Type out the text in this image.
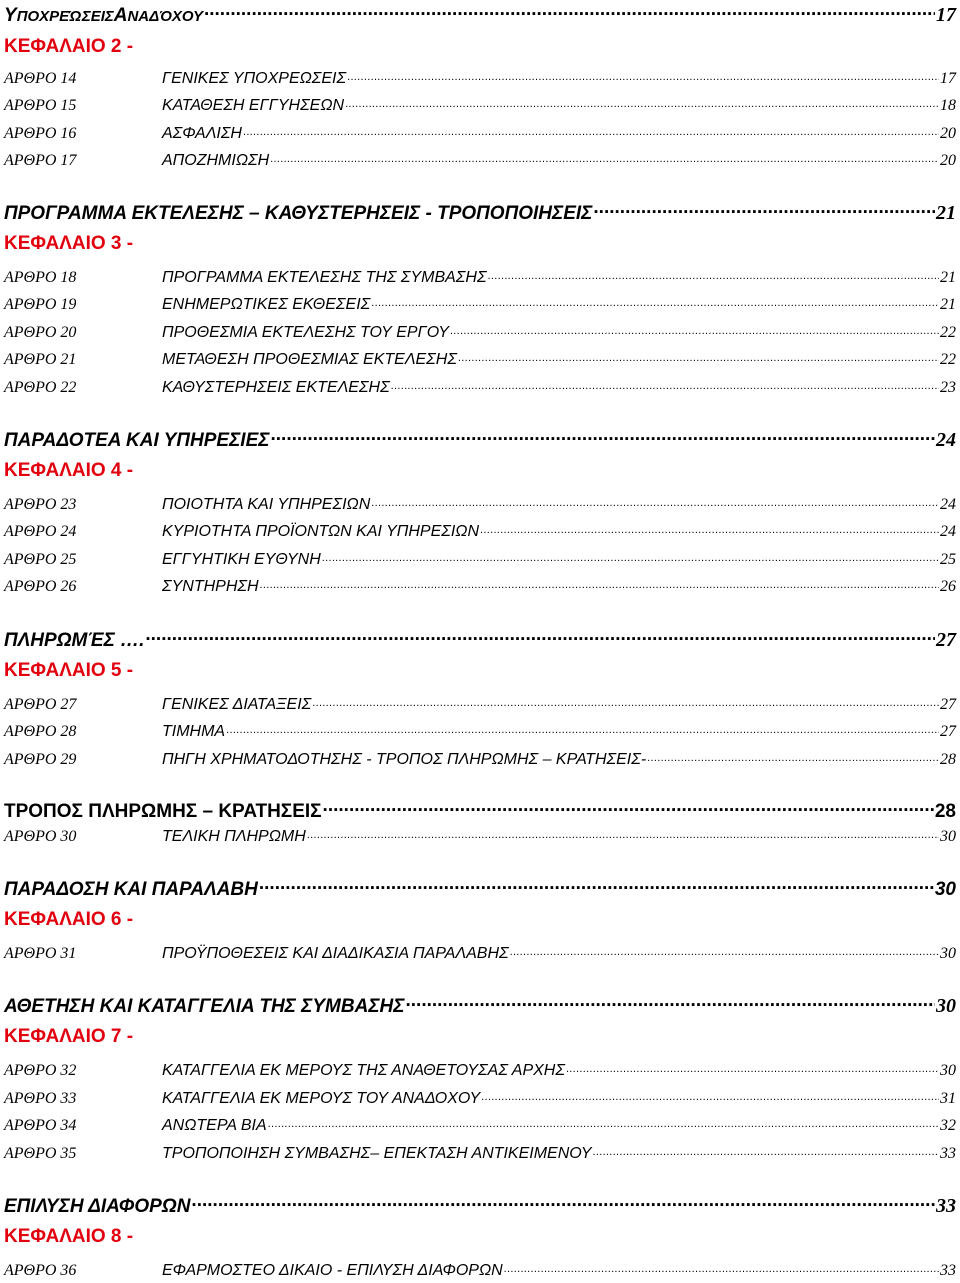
Υ ΠΟΧΡΕΏΣΕΙΣ Α ΝΑΔΌΧΟΥ .....	17
ΚΕΦΑΛΑΙΟ 2 -
ΑΡΘΡΟ 14	ΓΕΝΙΚΕΣ ΥΠΟΧΡΕΩΣΕΙΣ .....	17
ΑΡΘΡΟ 15	ΚΑΤΑΘΕΣΗ ΕΓΓΥΗΣΕΩΝ .....	18
ΑΡΘΡΟ 16	ΑΣΦΑΛΙΣΗ .....	20
ΑΡΘΡΟ 17	ΑΠΟΖΗΜΙΩΣΗ .....	20
ΠΡΟΓΡΑΜΜΑ ΕΚΤΕΛΕΣΗΣ – ΚΑΘΥΣΤΕΡΗΣΕΙΣ - ΤΡΟΠΟΠΟΙΗΣΕΙΣ .....	21
ΚΕΦΑΛΑΙΟ 3 -
ΑΡΘΡΟ 18	ΠΡΟΓΡΑΜΜΑ ΕΚΤΕΛΕΣΗΣ ΤΗΣ ΣΥΜΒΑΣΗΣ .....	21
ΑΡΘΡΟ 19	ΕΝΗΜΕΡΩΤΙΚΕΣ ΕΚΘΕΣΕΙΣ .....	21
ΑΡΘΡΟ 20	ΠΡΟΘΕΣΜΙΑ ΕΚΤΕΛΕΣΗΣ ΤΟΥ ΕΡΓΟΥ .....	22
ΑΡΘΡΟ 21	ΜΕΤΑΘΕΣΗ ΠΡΟΘΕΣΜΙΑΣ ΕΚΤΕΛΕΣΗΣ .....	22
ΑΡΘΡΟ 22	ΚΑΘΥΣΤΕΡΗΣΕΙΣ ΕΚΤΕΛΕΣΗΣ .....	23
ΠΑΡΑΔΟΤΕΑ ΚΑΙ ΥΠΗΡΕΣΙΕΣ .....	24
ΚΕΦΑΛΑΙΟ 4 -
ΑΡΘΡΟ 23	ΠΟΙΟΤΗΤΑ ΚΑΙ ΥΠΗΡΕΣΙΩΝ .....	24
ΑΡΘΡΟ 24	ΚΥΡΙΟΤΗΤΑ ΠΡΟΪΟΝΤΩΝ ΚΑΙ ΥΠΗΡΕΣΙΩΝ .....	24
ΑΡΘΡΟ 25	ΕΓΓΥΗΤΙΚΗ ΕΥΘΥΝΗ .....	25
ΑΡΘΡΟ 26	ΣΥΝΤΗΡΗΣΗ .....	26
ΠΛΗΡΩΜΈΣ …. .....	27
ΚΕΦΑΛΑΙΟ 5 -
ΑΡΘΡΟ 27	ΓΕΝΙΚΕΣ ΔΙΑΤΑΞΕΙΣ .....	27
ΑΡΘΡΟ 28	ΤΙΜΗΜΑ .....	27
ΑΡΘΡΟ 29	ΠΗΓΗ ΧΡΗΜΑΤΟΔΟΤΗΣΗΣ - ΤΡΟΠΟΣ ΠΛΗΡΩΜΗΣ – ΚΡΑΤΗΣΕΙΣ- .....	28
ΤΡΟΠΟΣ ΠΛΗΡΩΜΗΣ – ΚΡΑΤΗΣΕΙΣ .....	28
ΑΡΘΡΟ 30	ΤΕΛΙΚΗ ΠΛΗΡΩΜΗ .....	30
ΠΑΡΑΔΟΣΗ ΚΑΙ ΠΑΡΑΛΑΒΗ .....	30
ΚΕΦΑΛΑΙΟ 6 -
ΑΡΘΡΟ 31	ΠΡΟΫΠΟΘΕΣΕΙΣ ΚΑΙ ΔΙΑΔΙΚΑΣΙΑ ΠΑΡΑΛΑΒΗΣ .....	30
ΑΘΕΤΗΣΗ ΚΑΙ ΚΑΤΑΓΓΕΛΙΑ ΤΗΣ ΣΥΜΒΑΣΗΣ .....	30
ΚΕΦΑΛΑΙΟ 7 -
ΑΡΘΡΟ 32	ΚΑΤΑΓΓΕΛΙΑ ΕΚ ΜΕΡΟΥΣ ΤΗΣ ΑΝΑΘΕΤΟΥΣΑΣ ΑΡΧΗΣ .....	30
ΑΡΘΡΟ 33	ΚΑΤΑΓΓΕΛΙΑ ΕΚ ΜΕΡΟΥΣ ΤΟΥ ΑΝΑΔΟΧΟΥ .....	31
ΑΡΘΡΟ 34	ΑΝΩΤΕΡΑ ΒΙΑ .....	32
ΑΡΘΡΟ 35	ΤΡΟΠΟΠΟΙΗΣΗ ΣΥΜΒΑΣΗΣ– ΕΠΕΚΤΑΣΗ ΑΝΤΙΚΕΙΜΕΝΟΥ .....	33
ΕΠΙΛΥΣΗ ΔΙΑΦΟΡΩΝ .....	33
ΚΕΦΑΛΑΙΟ 8 -
ΑΡΘΡΟ 36	ΕΦΑΡΜΟΣΤΕΟ ΔΙΚΑΙΟ - ΕΠΙΛΥΣΗ ΔΙΑΦΟΡΩΝ .....	33
